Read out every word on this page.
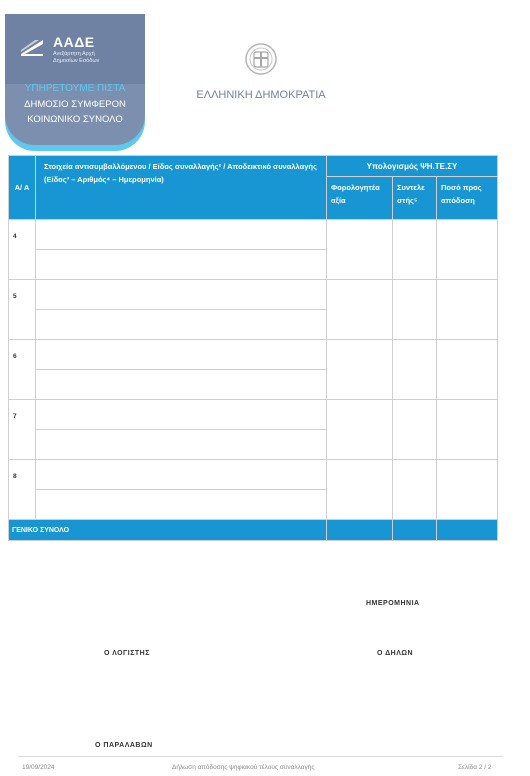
ΑΑΔΕ
Ανεξάρτητη Αρχή
Δημοσίων Εσόδων
ΥΠΗΡΕΤΟΥΜΕ ΠΙΣΤΑ
ΔΗΜΟΣΙΟ ΣΥΜΦΕΡΟΝ
ΚΟΙΝΩΝΙΚΟ ΣΥΝΟΛΟ
ΕΛΛΗΝΙΚΗ ΔΗΜΟΚΡΑΤΙΑ
Α/ Α	Στοιχεία αντισυμβαλλόμενου / Είδος συναλλαγής² / Αποδεικτικό συναλλαγής (Είδος³ – Αριθμός⁴ – Ημερομηνία)	Υπολογισμός ΨΗ.ΤΕ.ΣΥ		
		Φορολογητέα αξία	Συντελε στής⁵	Ποσό προς απόδοση
4				

5				

6				

7				

8				

ΓΕΝΙΚΟ ΣΥΝΟΛΟ				
ΗΜΕΡΟΜΗΝΙΑ
Ο ΛΟΓΙΣΤΗΣ	Ο ΔΗΛΩΝ
Ο ΠΑΡΑΛΑΒΩΝ
19/09/2024	Δήλωση απόδοσης ψηφιακού τέλους συναλλαγής	Σελίδα 2 / 2
